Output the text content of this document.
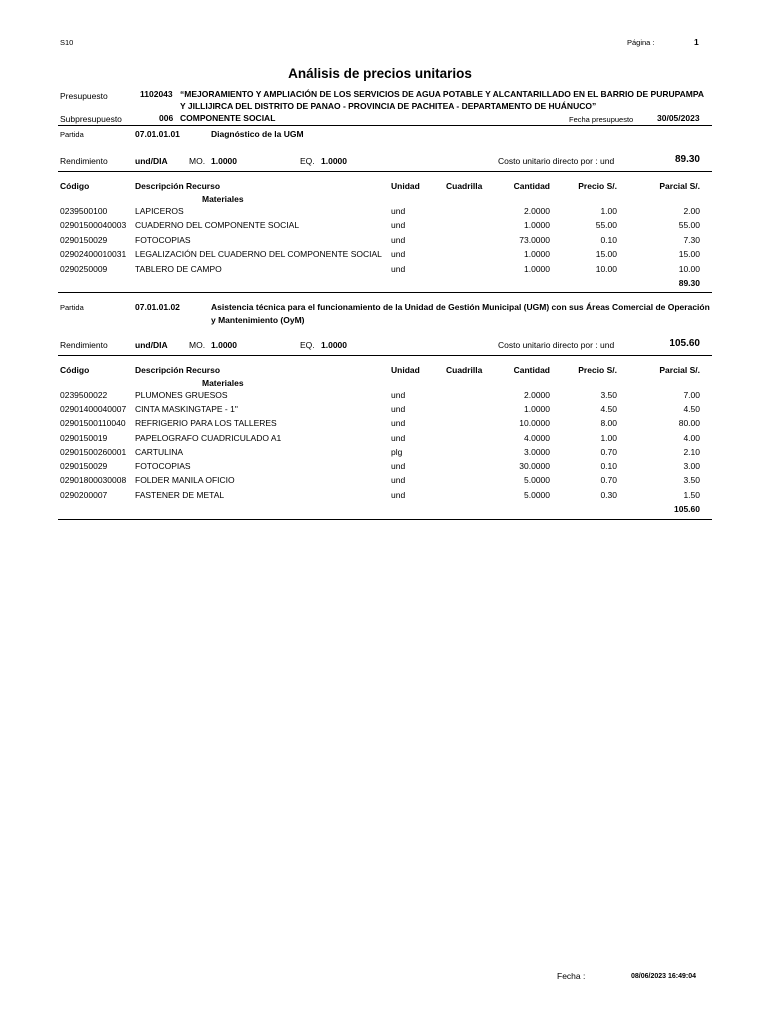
S10	Página :	1
Análisis de precios unitarios
Presupuesto	1102043 “MEJORAMIENTO Y AMPLIACIÓN DE LOS SERVICIOS DE AGUA POTABLE Y ALCANTARILLADO EN EL BARRIO DE PURUPAMPA
Y JILLIJIRCA DEL DISTRITO DE PANAO - PROVINCIA DE PACHITEA - DEPARTAMENTO DE HUÁNUCO”
Subpresupuesto	006 COMPONENTE SOCIAL	Fecha presupuesto	30/05/2023
Partida	07.01.01.01	Diagnóstico de la UGM
Rendimiento	und/DIA	MO. 1.0000	EQ. 1.0000	Costo unitario directo por : und	89.30
Código	Descripción Recurso	Unidad	Cuadrilla	Cantidad	Precio S/.	Parcial S/.
Materiales
0239500100	LAPICEROS	und	2.0000	1.00	2.00
02901500040003 CUADERNO DEL COMPONENTE SOCIAL	und	1.0000	55.00	55.00
0290150029	FOTOCOPIAS	und	73.0000	0.10	7.30
02902400010031 LEGALIZACIÓN DEL CUADERNO DEL COMPONENTE SOCIAL und	1.0000	15.00	15.00
0290250009	TABLERO DE CAMPO	und	1.0000	10.00	10.00
89.30
Partida	07.01.01.02	Asistencia técnica para el funcionamiento de la Unidad de Gestión Municipal (UGM) con sus Áreas Comercial de Operación
y Mantenimiento (OyM)
Rendimiento	und/DIA	MO. 1.0000	EQ. 1.0000	Costo unitario directo por : und	105.60
Código	Descripción Recurso	Unidad	Cuadrilla	Cantidad	Precio S/.	Parcial S/.
Materiales
0239500022	PLUMONES GRUESOS	und	2.0000	3.50	7.00
02901400040007 CINTA MASKINGTAPE - 1"	und	1.0000	4.50	4.50
02901500110040 REFRIGERIO PARA LOS TALLERES	und	10.0000	8.00	80.00
0290150019	PAPELOGRAFO CUADRICULADO A1	und	4.0000	1.00	4.00
02901500260001 CARTULINA	plg	3.0000	0.70	2.10
0290150029	FOTOCOPIAS	und	30.0000	0.10	3.00
02901800030008 FOLDER MANILA OFICIO	und	5.0000	0.70	3.50
0290200007	FASTENER DE METAL	und	5.0000	0.30	1.50
105.60
Fecha :	08/06/2023 16:49:04
